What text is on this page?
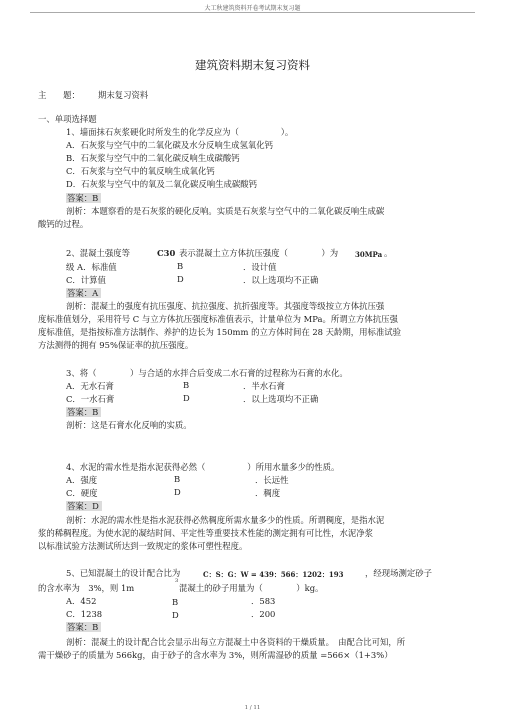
大工秋建筑资料开卷考试期末复习题
建筑资料期末复习资料
主　　题： 期末复习资料
一、单项选择题
1、墙面抹石灰浆硬化时所发生的化学反应为（　　　　　）。
A．石灰浆与空气中的二氧化碳及水分反响生成氢氧化钙
B．石灰浆与空气中的二氧化碳反响生成碳酸钙
C．石灰浆与空气中的氧反响生成氧化钙
D．石灰浆与空气中的氧及二氧化碳反响生成碳酸钙
答案：B
剖析：本题察看的是石灰浆的硬化反响。实质是石灰浆与空气中的二氧化碳反响生成碳
酸钙的过程。
2、混凝土强度等	C30 表示混凝土立方体抗压强度（　　　　）为 30MPa 。
级 A．标准值	B	．设计值
C．计算值	D	．以上选项均不正确
答案：A
剖析：混凝土的强度有抗压强度、抗拉强度、抗折强度等。其强度等级按立方体抗压强
度标准值划分，采用符号 C 与立方体抗压强度标准值表示，计量单位为 MPa。所谓立方体抗压强
度标准值，是指按标准方法制作、养护的边长为 150mm 的立方体时间在 28 天龄期，用标准试验
方法测得的拥有 95%保证率的抗压强度。
3、将（　　　　）与合适的水拌合后变成二水石膏的过程称为石膏的水化。
A．无水石膏	B	．半水石膏
C．一水石膏	D	．以上选项均不正确
答案：B
剖析：这是石膏水化反响的实质。
4、水泥的需水性是指水泥获得必然（　　　　　）所用水量多少的性质。
A．强度	B	．长远性
C．硬度	D	．稠度
答案：D
剖析：水泥的需水性是指水泥获得必然稠度所需水量多少的性质。所谓稠度，是指水泥
浆的稀稠程度。为使水泥的凝结时间、平定性等重要技术性能的测定拥有可比性，水泥净浆
以标准试验方法测试所达到一致规定的浆体可塑性程度。
5、已知混凝土的设计配合比为	C：S：G：W = 439：566：1202：193	，经现场测定砂子
的含水率为　3%，则 1m
3
混凝土的砂子用量为（　　　　）kg。
A．452	B	．583
C．1238	D	．200
答案：B
剖析：混凝土的设计配合比会显示出每立方混凝土中各资料的干燥质量。　由配合比可知，所
需干燥砂子的质量为 566kg，由于砂子的含水率为 3%，则所需湿砂的质量 =566×（1+3%）
1 / 11
